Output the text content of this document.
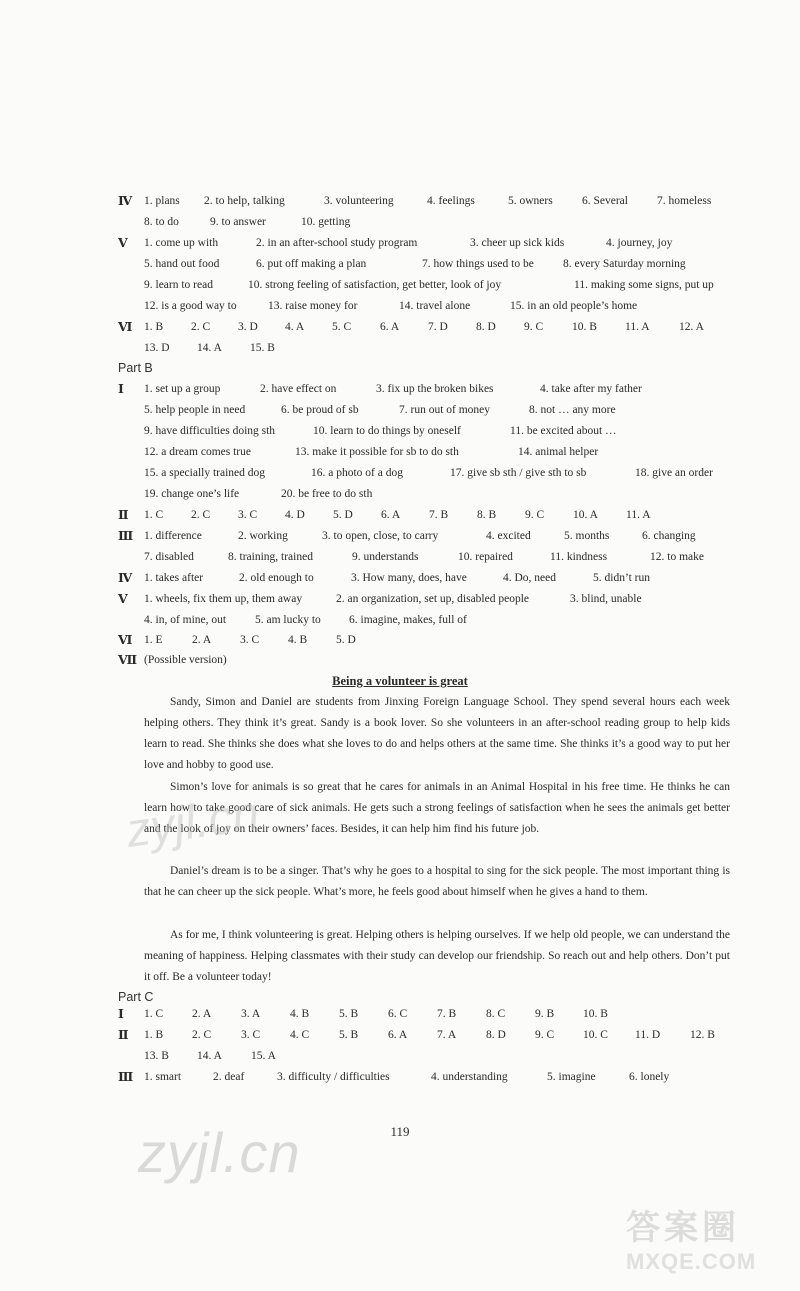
Ⅳ 1. plans	2. to help, talking	3. volunteering	4. feelings	5. owners	6. Several	7. homeless
8. to do	9. to answer	10. getting
Ⅴ 1. come up with	2. in an after-school study program	3. cheer up sick kids	4. journey, joy
5. hand out food	6. put off making a plan	7. how things used to be	8. every Saturday morning
9. learn to read	10. strong feeling of satisfaction, get better, look of joy	11. making some signs, put up
12. is a good way to	13. raise money for	14. travel alone	15. in an old people’s home
Ⅵ 1. B	2. C	3. D	4. A	5. C	6. A	7. D	8. D	9. C	10. B	11. A	12. A
13. D	14. A	15. B
Part B
Ⅰ 1. set up a group	2. have effect on	3. fix up the broken bikes	4. take after my father
5. help people in need	6. be proud of sb	7. run out of money	8. not … any more
9. have difficulties doing sth	10. learn to do things by oneself	11. be excited about …
12. a dream comes true	13. make it possible for sb to do sth	14. animal helper
15. a specially trained dog	16. a photo of a dog	17. give sb sth / give sth to sb	18. give an order
19. change one’s life	20. be free to do sth
Ⅱ 1. C	2. C	3. C	4. D	5. D	6. A	7. B	8. B	9. C	10. A	11. A
Ⅲ 1. difference	2. working	3. to open, close, to carry	4. excited	5. months	6. changing
7. disabled	8. training, trained	9. understands	10. repaired	11. kindness	12. to make
Ⅳ 1. takes after	2. old enough to	3. How many, does, have	4. Do, need	5. didn’t run
Ⅴ 1. wheels, fix them up, them away	2. an organization, set up, disabled people	3. blind, unable
4. in, of mine, out	5. am lucky to	6. imagine, makes, full of
Ⅵ 1. E	2. A	3. C	4. B	5. D
Ⅶ (Possible version)
Being a volunteer is great
Sandy, Simon and Daniel are students from Jinxing Foreign Language School. They spend several hours each week helping others. They think it’s great. Sandy is a book lover. So she volunteers in an after-school reading group to help kids learn to read. She thinks she does what she loves to do and helps others at the same time. She thinks it’s a good way to put her love and hobby to good use.
Simon’s love for animals is so great that he cares for animals in an Animal Hospital in his free time. He thinks he can learn how to take good care of sick animals. He gets such a strong feelings of satisfaction when he sees the animals get better and the look of joy on their owners’ faces. Besides, it can help him find his future job.
Daniel’s dream is to be a singer. That’s why he goes to a hospital to sing for the sick people. The most important thing is that he can cheer up the sick people. What’s more, he feels good about himself when he gives a hand to them.
As for me, I think volunteering is great. Helping others is helping ourselves. If we help old people, we can understand the meaning of happiness. Helping classmates with their study can develop our friendship. So reach out and help others. Don’t put it off. Be a volunteer today!
Part C
Ⅰ 1. C	2. A	3. A	4. B	5. B	6. C	7. B	8. C	9. B	10. B
Ⅱ 1. B	2. C	3. C	4. C	5. B	6. A	7. A	8. D	9. C	10. C	11. D	12. B
13. B	14. A	15. A
Ⅲ 1. smart	2. deaf	3. difficulty / difficulties	4. understanding	5. imagine	6. lonely
119
zyjl.cn
zyjl.cn
答案圈
MXQE.COM
